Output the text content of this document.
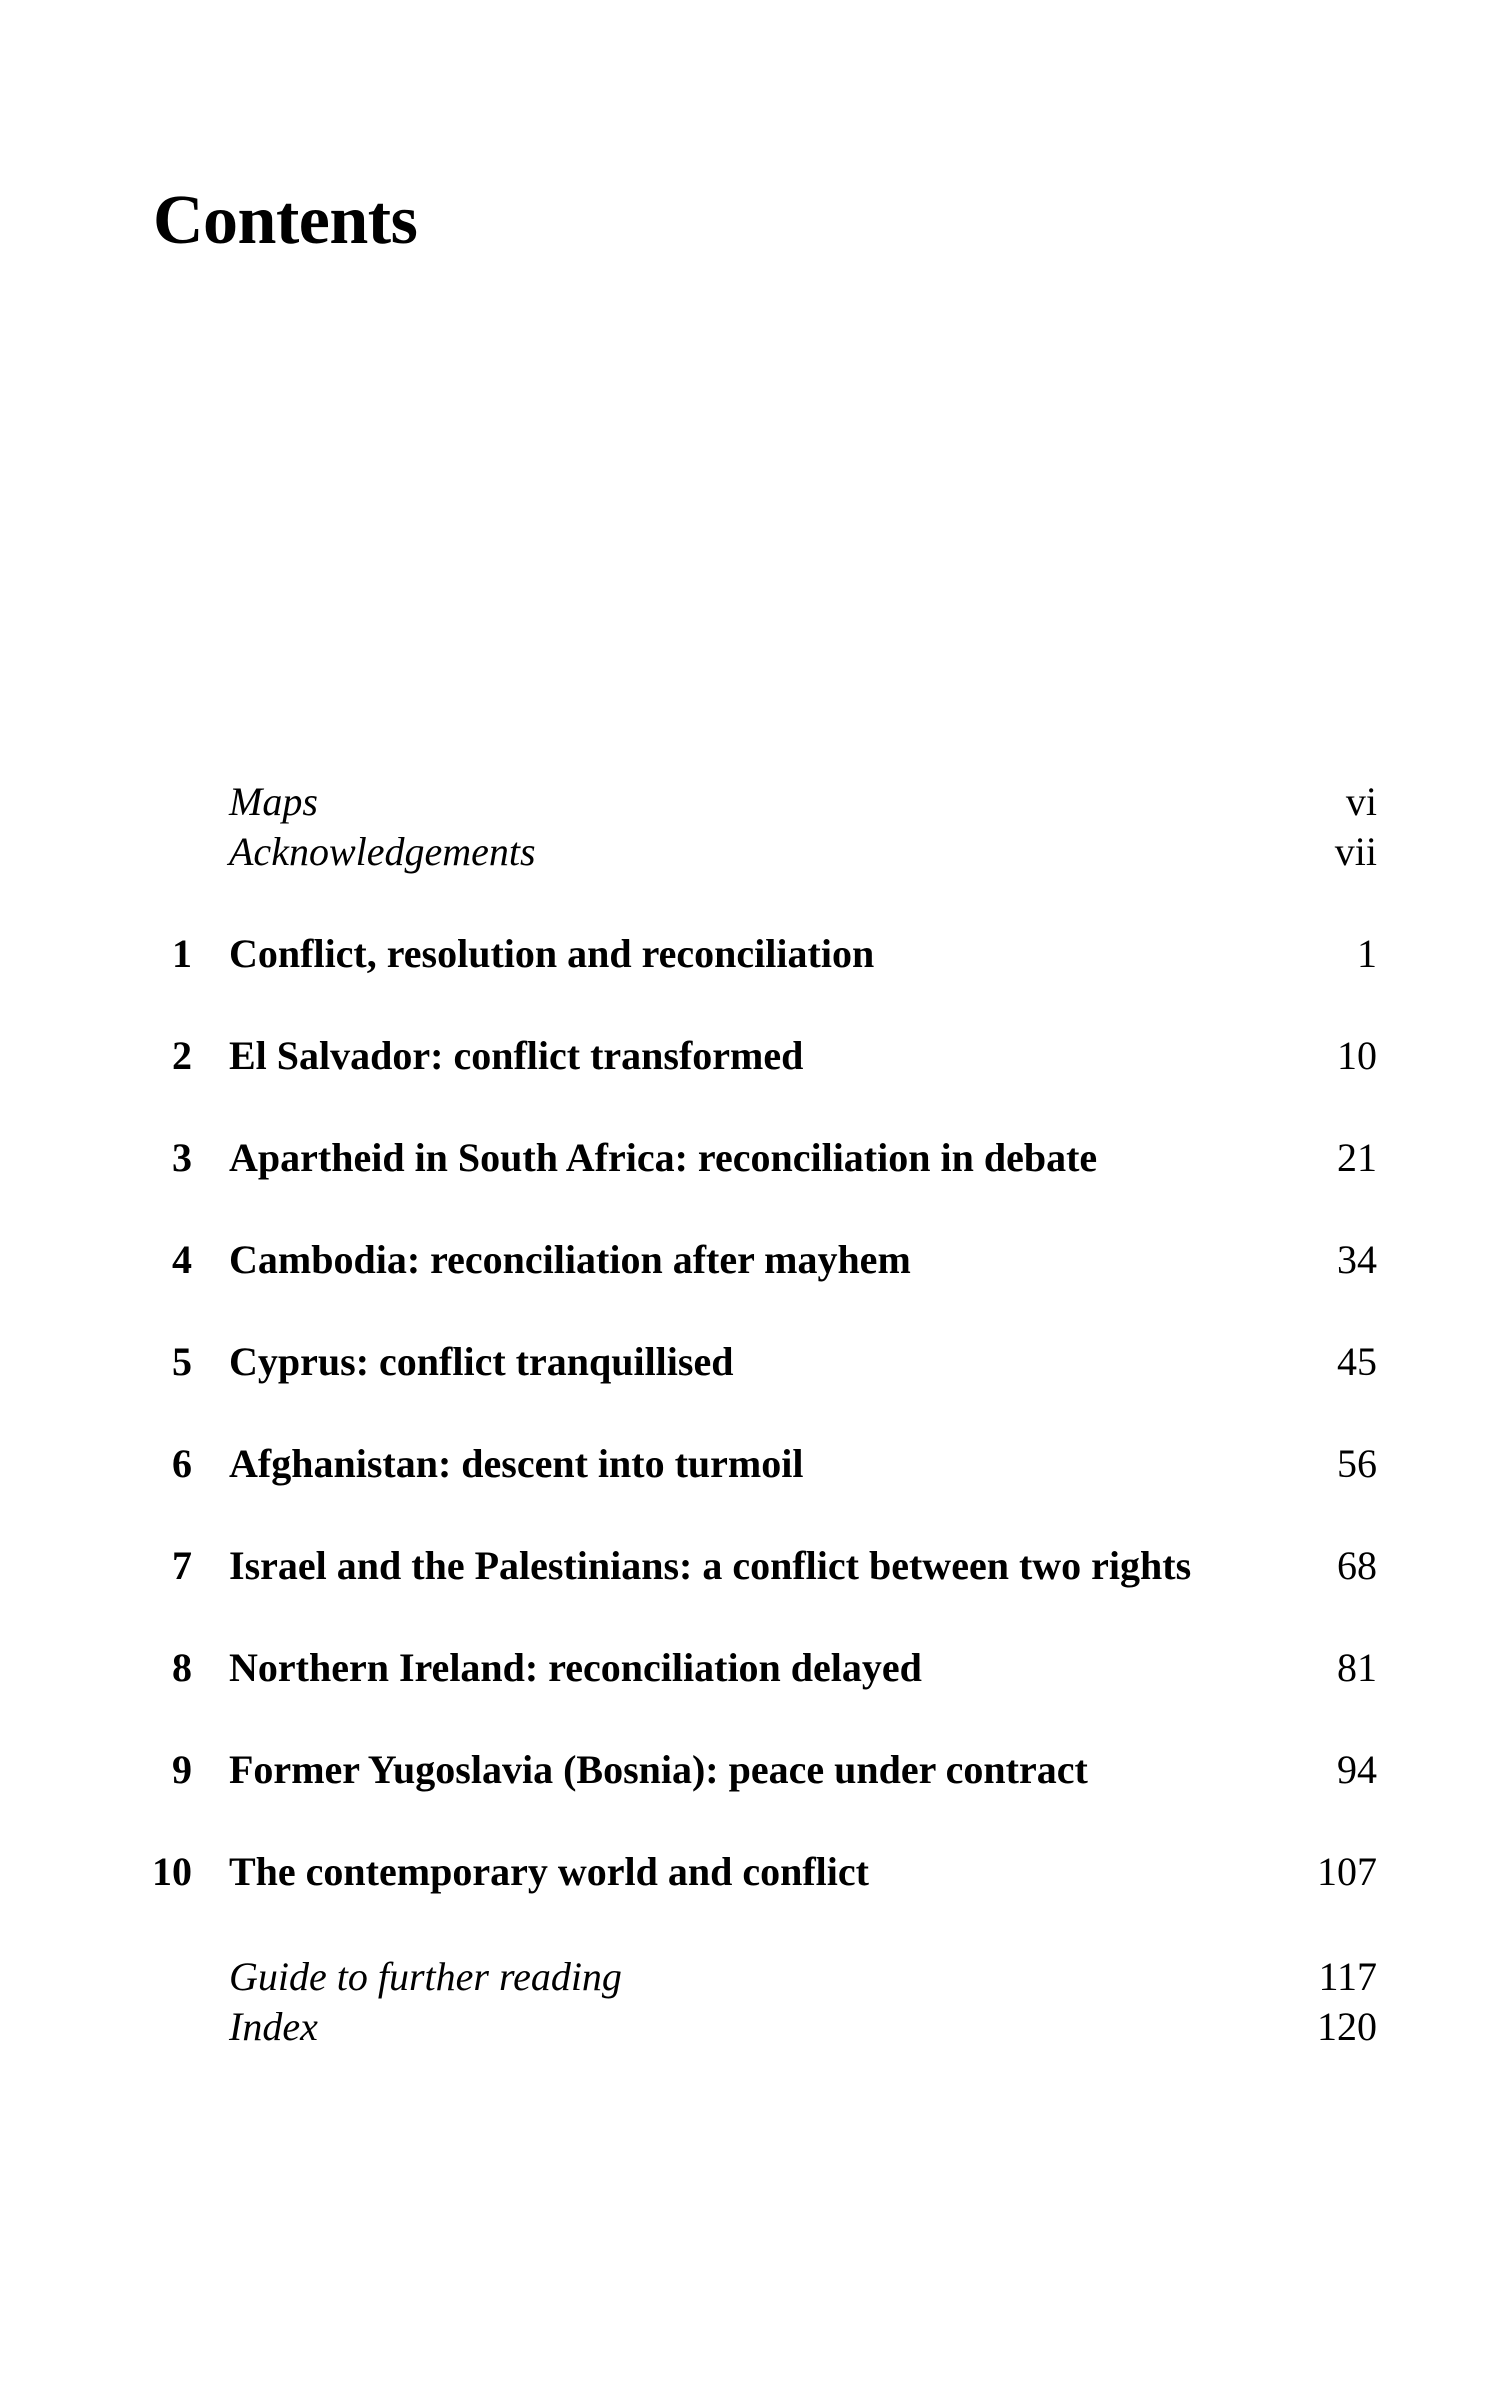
Contents
Maps	vi
Acknowledgements	vii
1 Conflict, resolution and reconciliation	1
2 El Salvador: conflict transformed	10
3 Apartheid in South Africa: reconciliation in debate	21
4 Cambodia: reconciliation after mayhem	34
5 Cyprus: conflict tranquillised	45
6 Afghanistan: descent into turmoil	56
7 Israel and the Palestinians: a conflict between two rights	68
8 Northern Ireland: reconciliation delayed	81
9 Former Yugoslavia (Bosnia): peace under contract	94
10 The contemporary world and conflict	107
Guide to further reading	117
Index	120
